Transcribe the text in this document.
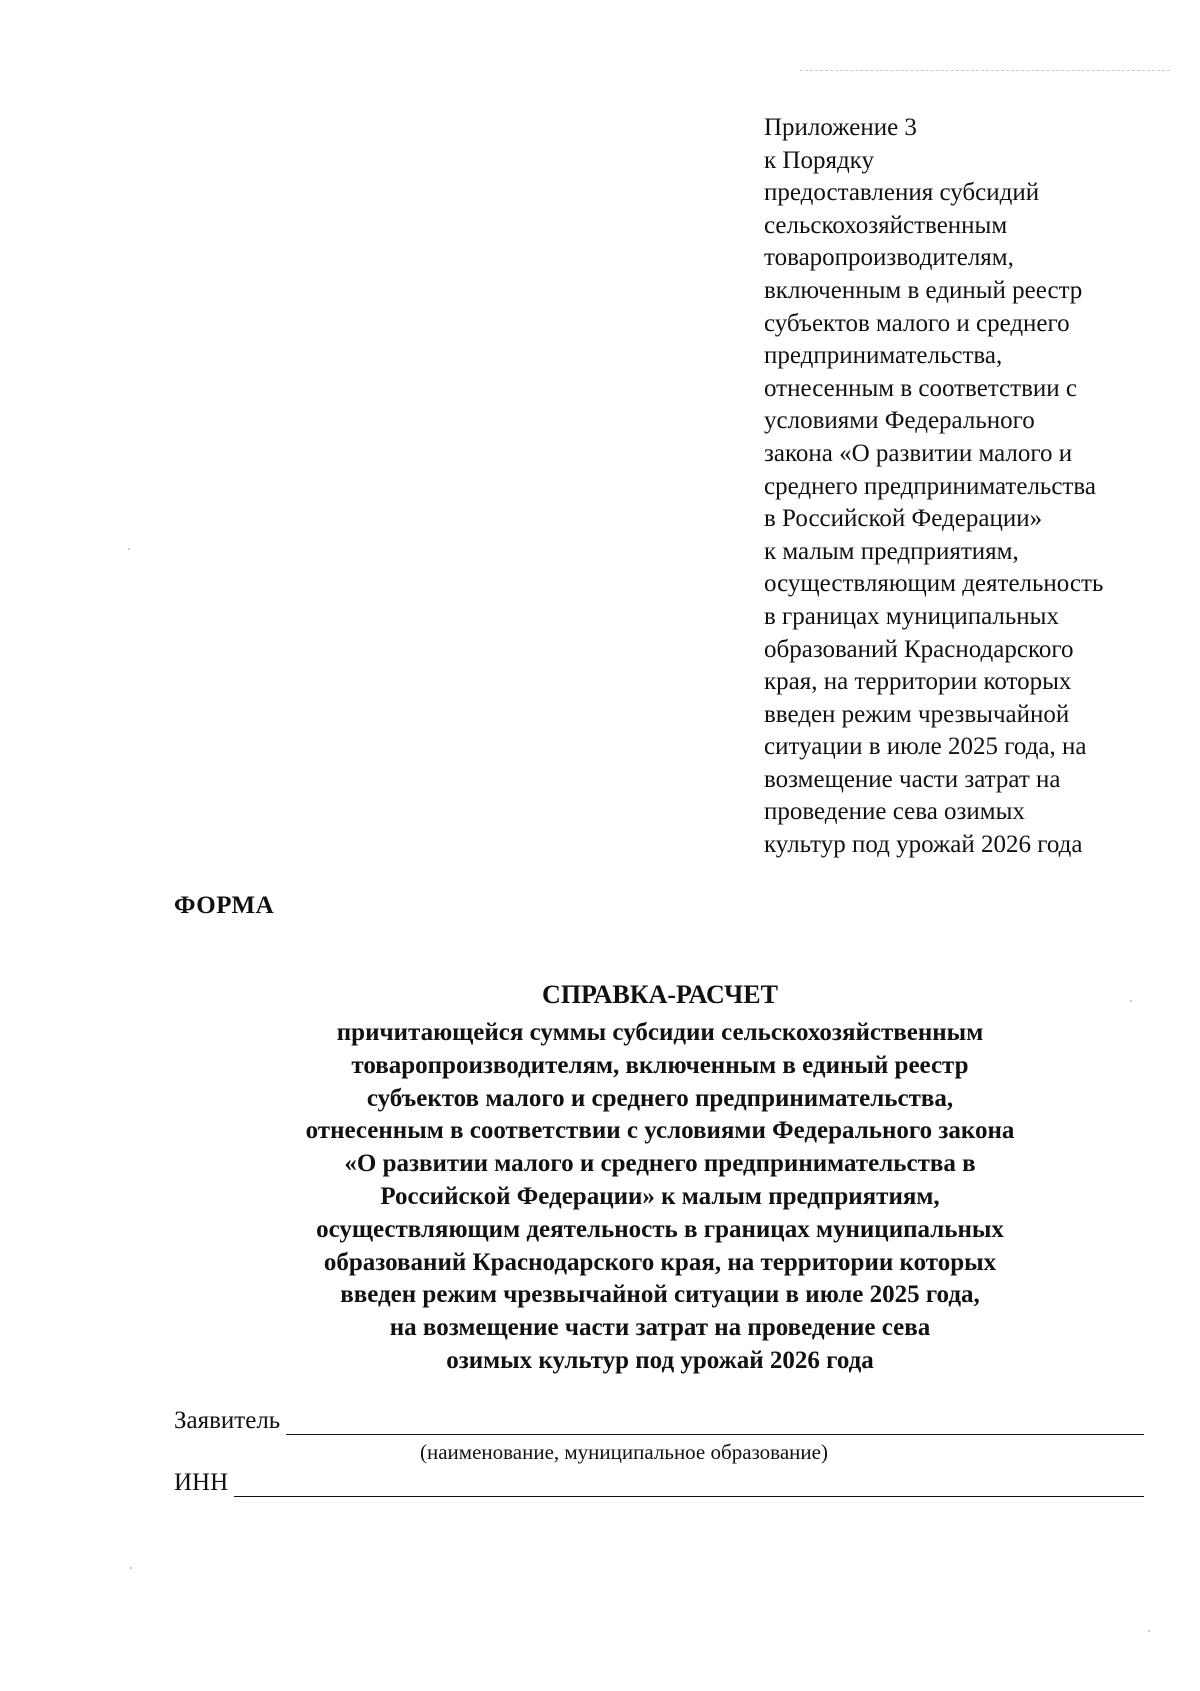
Приложение 3
к Порядку
предоставления субсидий
сельскохозяйственным
товаропроизводителям,
включенным в единый реестр
субъектов малого и среднего
предпринимательства,
отнесенным в соответствии с
условиями Федерального
закона «О развитии малого и
среднего предпринимательства
в Российской Федерации»
к малым предприятиям,
осуществляющим деятельность
в границах муниципальных
образований Краснодарского
края, на территории которых
введен режим чрезвычайной
ситуации в июле 2025 года, на
возмещение части затрат на
проведение сева озимых
культур под урожай 2026 года
ФОРМА
СПРАВКА-РАСЧЕТ
причитающейся суммы субсидии сельскохозяйственным
товаропроизводителям, включенным в единый реестр
субъектов малого и среднего предпринимательства,
отнесенным в соответствии с условиями Федерального закона
«О развитии малого и среднего предпринимательства в
Российской Федерации» к малым предприятиям,
осуществляющим деятельность в границах муниципальных
образований Краснодарского края, на территории которых
введен режим чрезвычайной ситуации в июле 2025 года,
на возмещение части затрат на проведение сева
озимых культур под урожай 2026 года
Заявитель
(наименование, муниципальное образование)
ИНН
